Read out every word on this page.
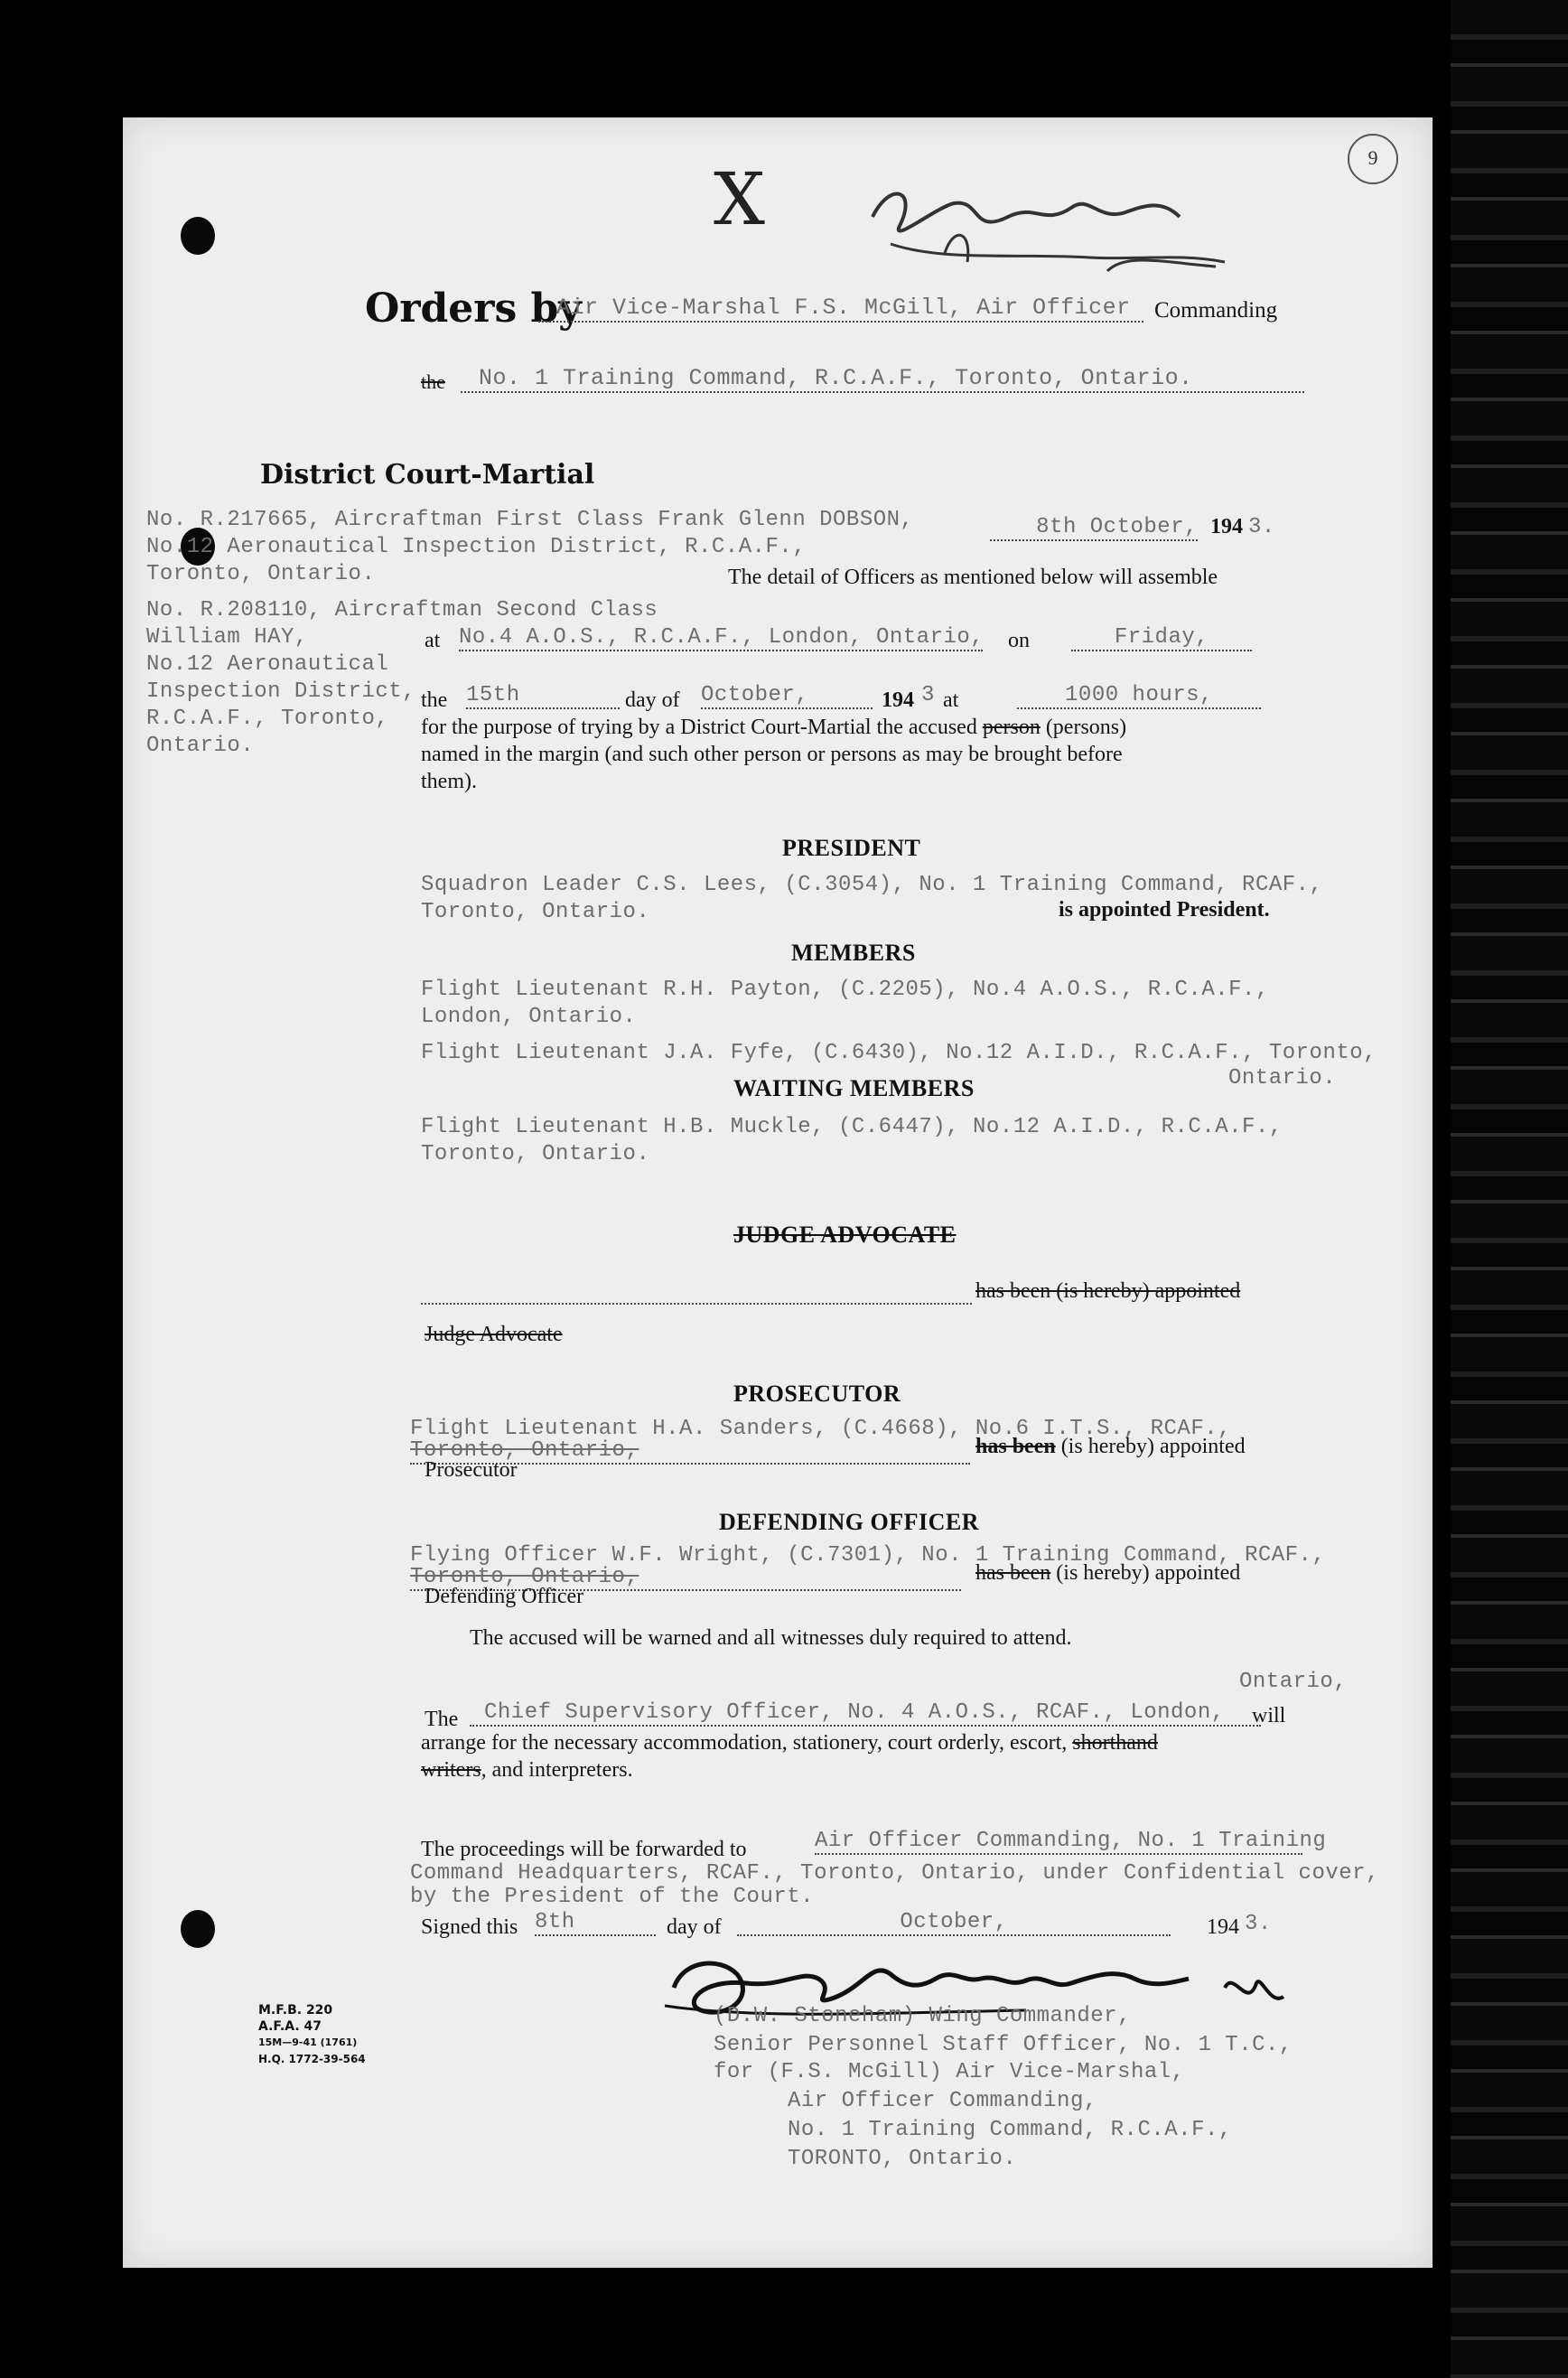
X	9
Orders by
Air Vice-Marshal F.S. McGill, Air Officer	Commanding
the	No. 1 Training Command, R.C.A.F., Toronto, Ontario.
District Court-Martial
No. R.217665, Aircraftman First Class Frank Glenn DOBSON,
No.12 Aeronautical Inspection District, R.C.A.F.,
Toronto, Ontario.
No. R.208110, Aircraftman Second Class
William HAY,
No.12 Aeronautical
Inspection District,
R.C.A.F., Toronto,
Ontario.
8th October, 194 3.
The detail of Officers as mentioned below will assemble
at No.4 A.O.S., R.C.A.F., London, Ontario, on	Friday,
the 15th	day of October,	194 3 at	1000 hours,
for the purpose of trying by a District Court-Martial the accused person (persons)
named in the margin (and such other person or persons as may be brought before
them).
PRESIDENT
Squadron Leader C.S. Lees, (C.3054), No. 1 Training Command, RCAF.,
Toronto, Ontario.	is appointed President.
MEMBERS
Flight Lieutenant R.H. Payton, (C.2205), No.4 A.O.S., R.C.A.F.,
London, Ontario.
Flight Lieutenant J.A. Fyfe, (C.6430), No.12 A.I.D., R.C.A.F., Toronto,
Ontario.
WAITING MEMBERS
Flight Lieutenant H.B. Muckle, (C.6447), No.12 A.I.D., R.C.A.F.,
Toronto, Ontario.
JUDGE ADVOCATE
has been (is hereby) appointed
Judge Advocate
PROSECUTOR
Flight Lieutenant H.A. Sanders, (C.4668), No.6 I.T.S., RCAF.,
Toronto, Ontario,	has been (is hereby) appointed
Prosecutor
DEFENDING OFFICER
Flying Officer W.F. Wright, (C.7301), No. 1 Training Command, RCAF.,
Toronto, Ontario,	has been (is hereby) appointed
Defending Officer
The accused will be warned and all witnesses duly required to attend.
Ontario,
The	Chief Supervisory Officer, No. 4 A.O.S., RCAF., London,	will
arrange for the necessary accommodation, stationery, court orderly, escort, shorthand
writers, and interpreters.
The proceedings will be forwarded to	Air Officer Commanding, No. 1 Training
Command Headquarters, RCAF., Toronto, Ontario, under Confidential cover,
by the President of the Court.
Signed this 8th	day of	October,	194 3.
(D.W. Stoneham) Wing Commander,
Senior Personnel Staff Officer, No. 1 T.C.,
for (F.S. McGill) Air Vice-Marshal,
Air Officer Commanding,
No. 1 Training Command, R.C.A.F.,
TORONTO, Ontario.
M.F.B. 220
A.F.A. 47
15M—9-41 (1761)
H.Q. 1772-39-564
